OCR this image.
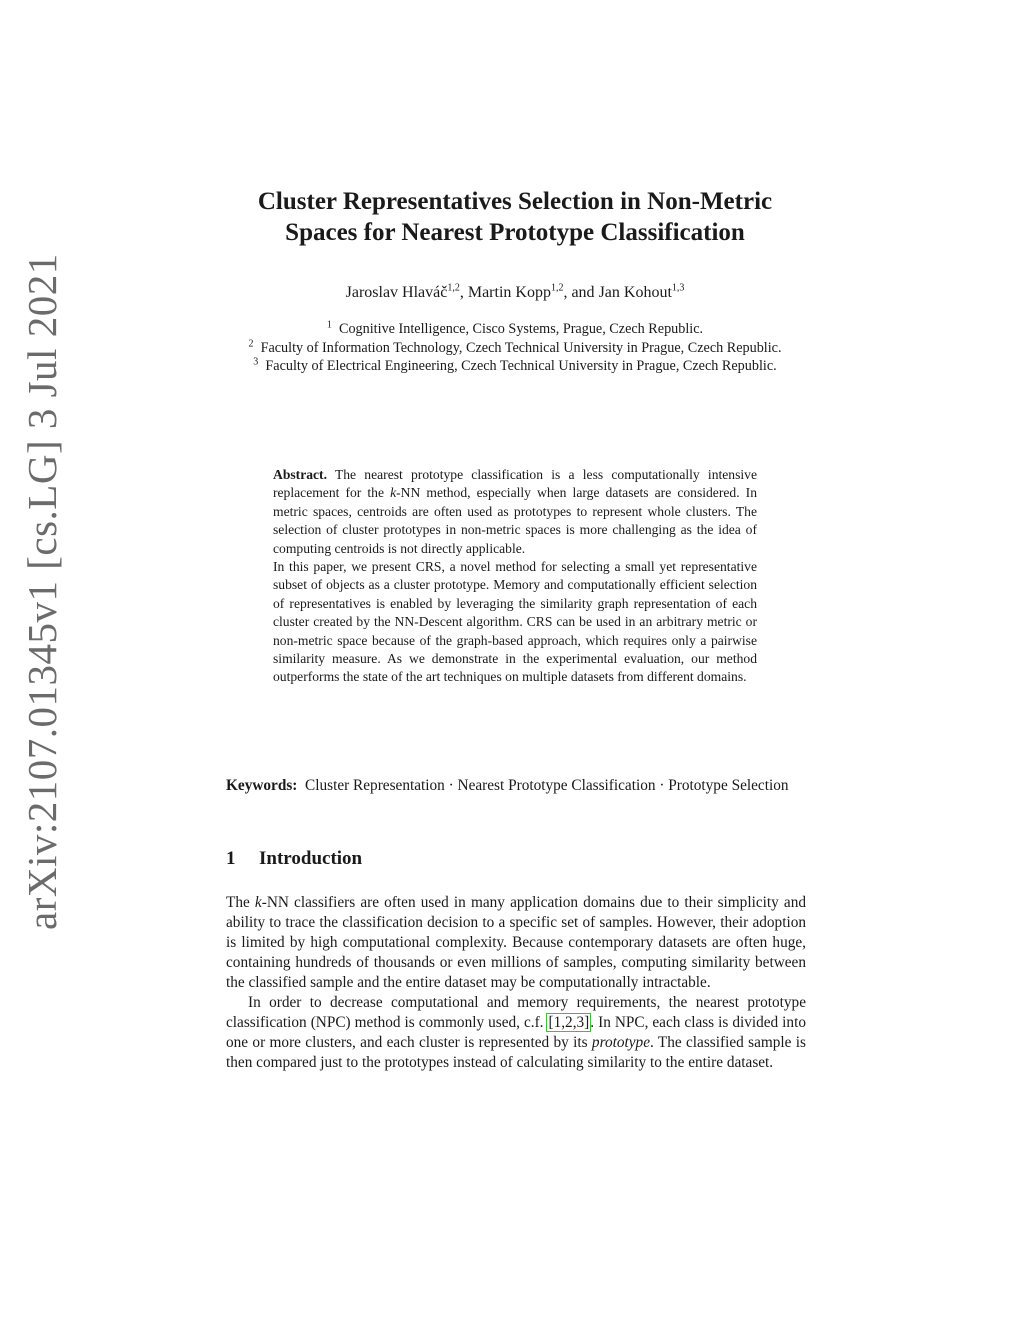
arXiv:2107.01345v1 [cs.LG] 3 Jul 2021
Cluster Representatives Selection in Non-Metric
Spaces for Nearest Prototype Classification
Jaroslav Hlaváč$^{1,2}$, Martin Kopp$^{1,2}$, and Jan Kohout$^{1,3}$
$^1$ Cognitive Intelligence, Cisco Systems, Prague, Czech Republic.
$^2$ Faculty of Information Technology, Czech Technical University in Prague, Czech Republic.
$^3$ Faculty of Electrical Engineering, Czech Technical University in Prague, Czech Republic.

Abstract. The nearest prototype classification is a less computationally intensive replacement for the k-NN method, especially when large datasets are considered. In metric spaces, centroids are often used as prototypes to represent whole clusters. The selection of cluster prototypes in non-metric spaces is more challenging as the idea of computing centroids is not directly applicable.

In this paper, we present CRS, a novel method for selecting a small yet representative subset of objects as a cluster prototype. Memory and computationally efficient selection of representatives is enabled by leveraging the similarity graph representation of each cluster created by the NN-Descent algorithm. CRS can be used in an arbitrary metric or non-metric space because of the graph-based approach, which requires only a pairwise similarity measure. As we demonstrate in the experimental evaluation, our method outperforms the state of the art techniques on multiple datasets from different domains.

Keywords: Cluster Representation · Nearest Prototype Classification · Prototype Selection
1 Introduction

The k-NN classifiers are often used in many application domains due to their simplicity and ability to trace the classification decision to a specific set of samples. However, their adoption is limited by high computational complexity. Because contemporary datasets are often huge, containing hundreds of thousands or even millions of samples, computing similarity between the classified sample and the entire dataset may be computationally intractable.

In order to decrease computational and memory requirements, the nearest prototype classification (NPC) method is commonly used, c.f. [1,2,3]. In NPC, each class is divided into one or more clusters, and each cluster is represented by its prototype. The classified sample is then compared just to the prototypes instead of calculating similarity to the entire dataset.
